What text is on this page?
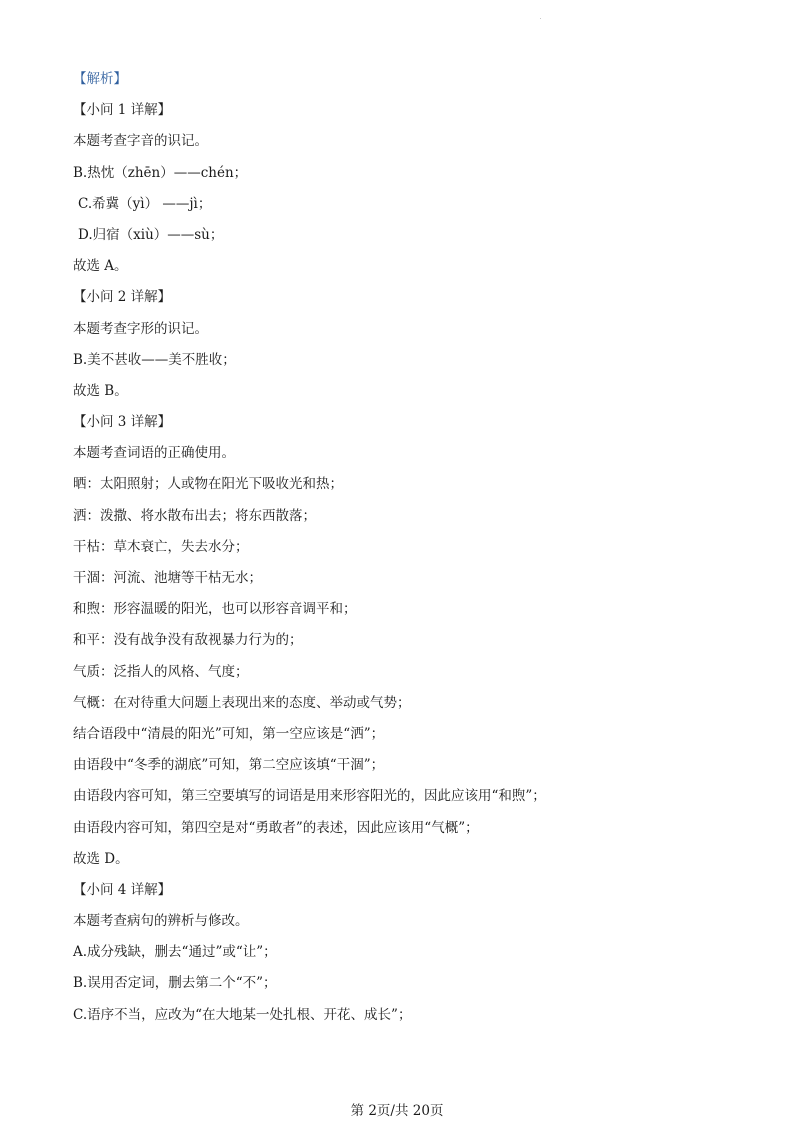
【解析】
【小问 1 详解】
本题考查字音的识记。
B.热忱（zhēn）——chén；
C.希冀（yì） ——jì；
D.归宿（xiù）——sù；
故选 A。
【小问 2 详解】
本题考查字形的识记。
B.美不甚收——美不胜收；
故选 B。
【小问 3 详解】
本题考查词语的正确使用。
晒：太阳照射；人或物在阳光下吸收光和热；
洒：泼撒、将水散布出去；将东西散落；
干枯：草木衰亡，失去水分；
干涸：河流、池塘等干枯无水；
和煦：形容温暖的阳光，也可以形容音调平和；
和平：没有战争没有敌视暴力行为的；
气质：泛指人的风格、气度；
气概：在对待重大问题上表现出来的态度、举动或气势；
结合语段中“清晨的阳光”可知，第一空应该是“洒”；
由语段中“冬季的湖底”可知，第二空应该填“干涸”；
由语段内容可知，第三空要填写的词语是用来形容阳光的，因此应该用“和煦”；
由语段内容可知，第四空是对“勇敢者”的表述，因此应该用“气概”；
故选 D。
【小问 4 详解】
本题考查病句的辨析与修改。
A.成分残缺，删去“通过”或“让”；
B.误用否定词，删去第二个“不”；
C.语序不当，应改为“在大地某一处扎根、开花、成长”；
第 2页/共 20页
